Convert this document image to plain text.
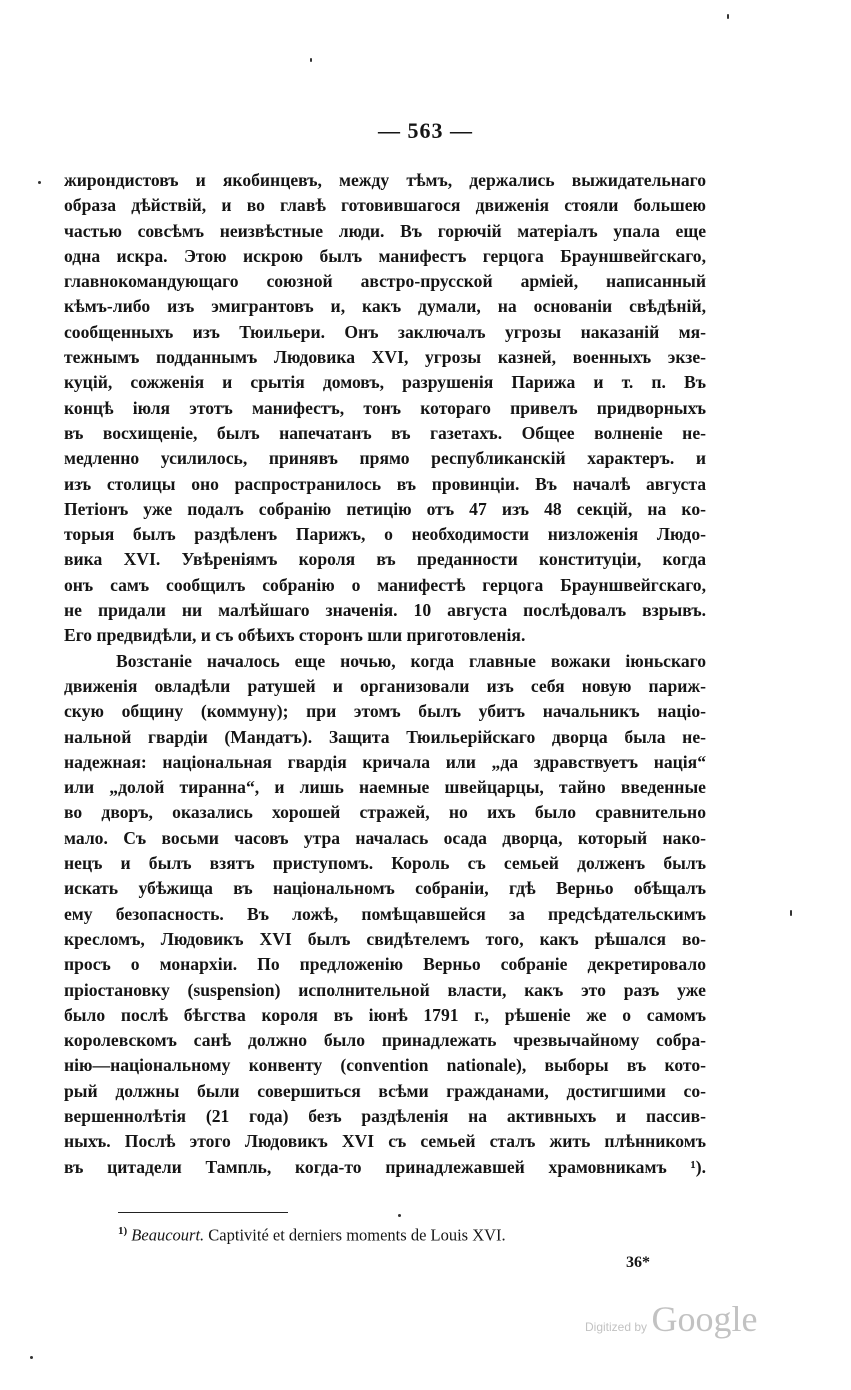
— 563 —
жирондистовъ и якобинцевъ, между тѣмъ, держались выжидательнаго
образа дѣйствій, и во главѣ готовившагося движенія стояли большею
частью совсѣмъ неизвѣстные люди. Въ горючій матеріалъ упала еще
одна искра. Этою искрою былъ манифестъ герцога Брауншвейгскаго,
главнокомандующаго союзной австро-прусской арміей, написанный
кѣмъ-либо изъ эмигрантовъ и, какъ думали, на основаніи свѣдѣній,
сообщенныхъ изъ Тюильери. Онъ заключалъ угрозы наказаній мя-
тежнымъ подданнымъ Людовика XVI, угрозы казней, военныхъ экзе-
куцій, сожженія и срытія домовъ, разрушенія Парижа и т. п. Въ
концѣ іюля этотъ манифестъ, тонъ котораго привелъ придворныхъ
въ восхищеніе, былъ напечатанъ въ газетахъ. Общее волненіе не-
медленно усилилось, принявъ прямо республиканскій характеръ. и
изъ столицы оно распространилось въ провинціи. Въ началѣ августа
Петіонъ уже подалъ собранію петицію отъ 47 изъ 48 секцій, на ко-
торыя былъ раздѣленъ Парижъ, о необходимости низложенія Людо-
вика XVI. Увѣреніямъ короля въ преданности конституціи, когда
онъ самъ сообщилъ собранію о манифестѣ герцога Брауншвейгскаго,
не придали ни малѣйшаго значенія. 10 августа послѣдовалъ взрывъ.
Его предвидѣли, и съ обѣихъ сторонъ шли приготовленія.
Возстаніе началось еще ночью, когда главные вожаки іюньскаго
движенія овладѣли ратушей и организовали изъ себя новую париж-
скую общину (коммуну); при этомъ былъ убитъ начальникъ націо-
нальной гвардіи (Мандатъ). Защита Тюильерійскаго дворца была не-
надежная: національная гвардія кричала или „да здравствуетъ нація“
или „долой тиранна“, и лишь наемные швейцарцы, тайно введенные
во дворъ, оказались хорошей стражей, но ихъ было сравнительно
мало. Съ восьми часовъ утра началась осада дворца, который нако-
нецъ и былъ взятъ приступомъ. Король съ семьей долженъ былъ
искать убѣжища въ національномъ собраніи, гдѣ Верньо обѣщалъ
ему безопасность. Въ ложѣ, помѣщавшейся за предсѣдательскимъ
кресломъ, Людовикъ XVI былъ свидѣтелемъ того, какъ рѣшался во-
просъ о монархіи. По предложенію Верньо собраніе декретировало
пріостановку (suspension) исполнительной власти, какъ это разъ уже
было послѣ бѣгства короля въ іюнѣ 1791 г., рѣшеніе же о самомъ
королевскомъ санѣ должно было принадлежать чрезвычайному собра-
нію—національному конвенту (convention nationale), выборы въ кото-
рый должны были совершиться всѣми гражданами, достигшими со-
вершеннолѣтія (21 года) безъ раздѣленія на активныхъ и пассив-
ныхъ. Послѣ этого Людовикъ XVI съ семьей сталъ жить плѣнникомъ
въ цитадели Тампль, когда-то принадлежавшей храмовникамъ ¹).
$^{1)}$ Beaucourt. Captivité et derniers moments de Louis XVI.
36*
Digitized by Google
